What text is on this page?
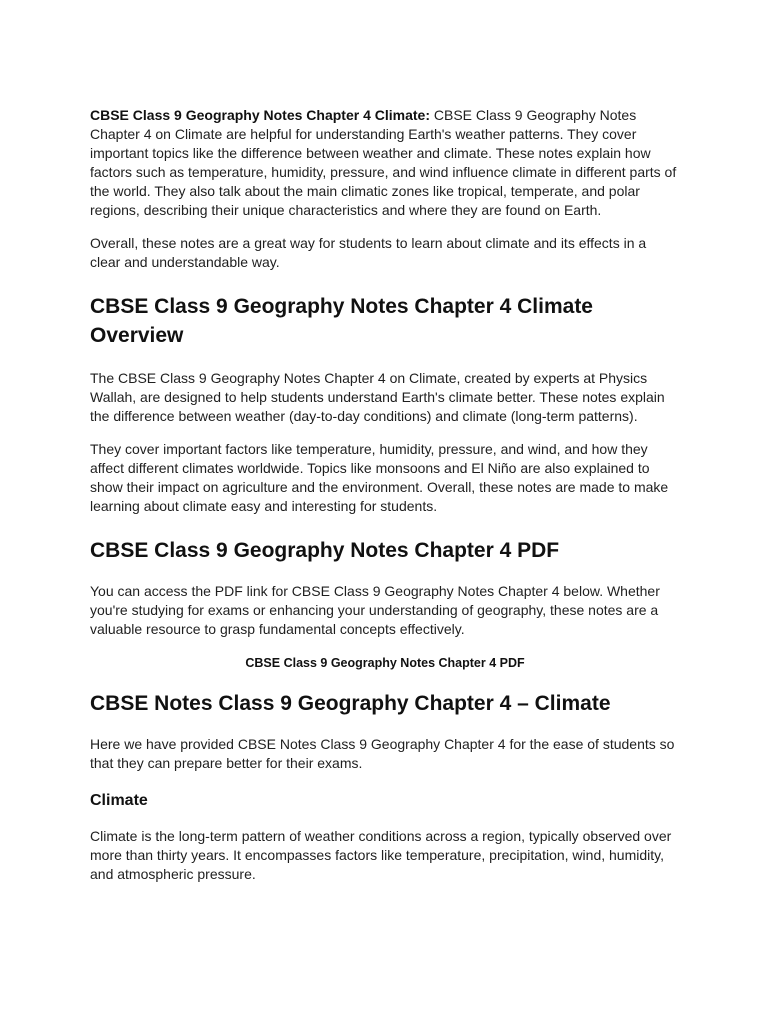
CBSE Class 9 Geography Notes Chapter 4 Climate: CBSE Class 9 Geography Notes Chapter 4 on Climate are helpful for understanding Earth's weather patterns. They cover important topics like the difference between weather and climate. These notes explain how factors such as temperature, humidity, pressure, and wind influence climate in different parts of the world. They also talk about the main climatic zones like tropical, temperate, and polar regions, describing their unique characteristics and where they are found on Earth.

Overall, these notes are a great way for students to learn about climate and its effects in a clear and understandable way.

CBSE Class 9 Geography Notes Chapter 4 Climate Overview

The CBSE Class 9 Geography Notes Chapter 4 on Climate, created by experts at Physics Wallah, are designed to help students understand Earth's climate better. These notes explain the difference between weather (day-to-day conditions) and climate (long-term patterns).

They cover important factors like temperature, humidity, pressure, and wind, and how they affect different climates worldwide. Topics like monsoons and El Niño are also explained to show their impact on agriculture and the environment. Overall, these notes are made to make learning about climate easy and interesting for students.

CBSE Class 9 Geography Notes Chapter 4 PDF

You can access the PDF link for CBSE Class 9 Geography Notes Chapter 4 below. Whether you're studying for exams or enhancing your understanding of geography, these notes are a valuable resource to grasp fundamental concepts effectively.

CBSE Class 9 Geography Notes Chapter 4 PDF
CBSE Notes Class 9 Geography Chapter 4 – Climate

Here we have provided CBSE Notes Class 9 Geography Chapter 4 for the ease of students so that they can prepare better for their exams.

Climate

Climate is the long-term pattern of weather conditions across a region, typically observed over more than thirty years. It encompasses factors like temperature, precipitation, wind, humidity, and atmospheric pressure.
